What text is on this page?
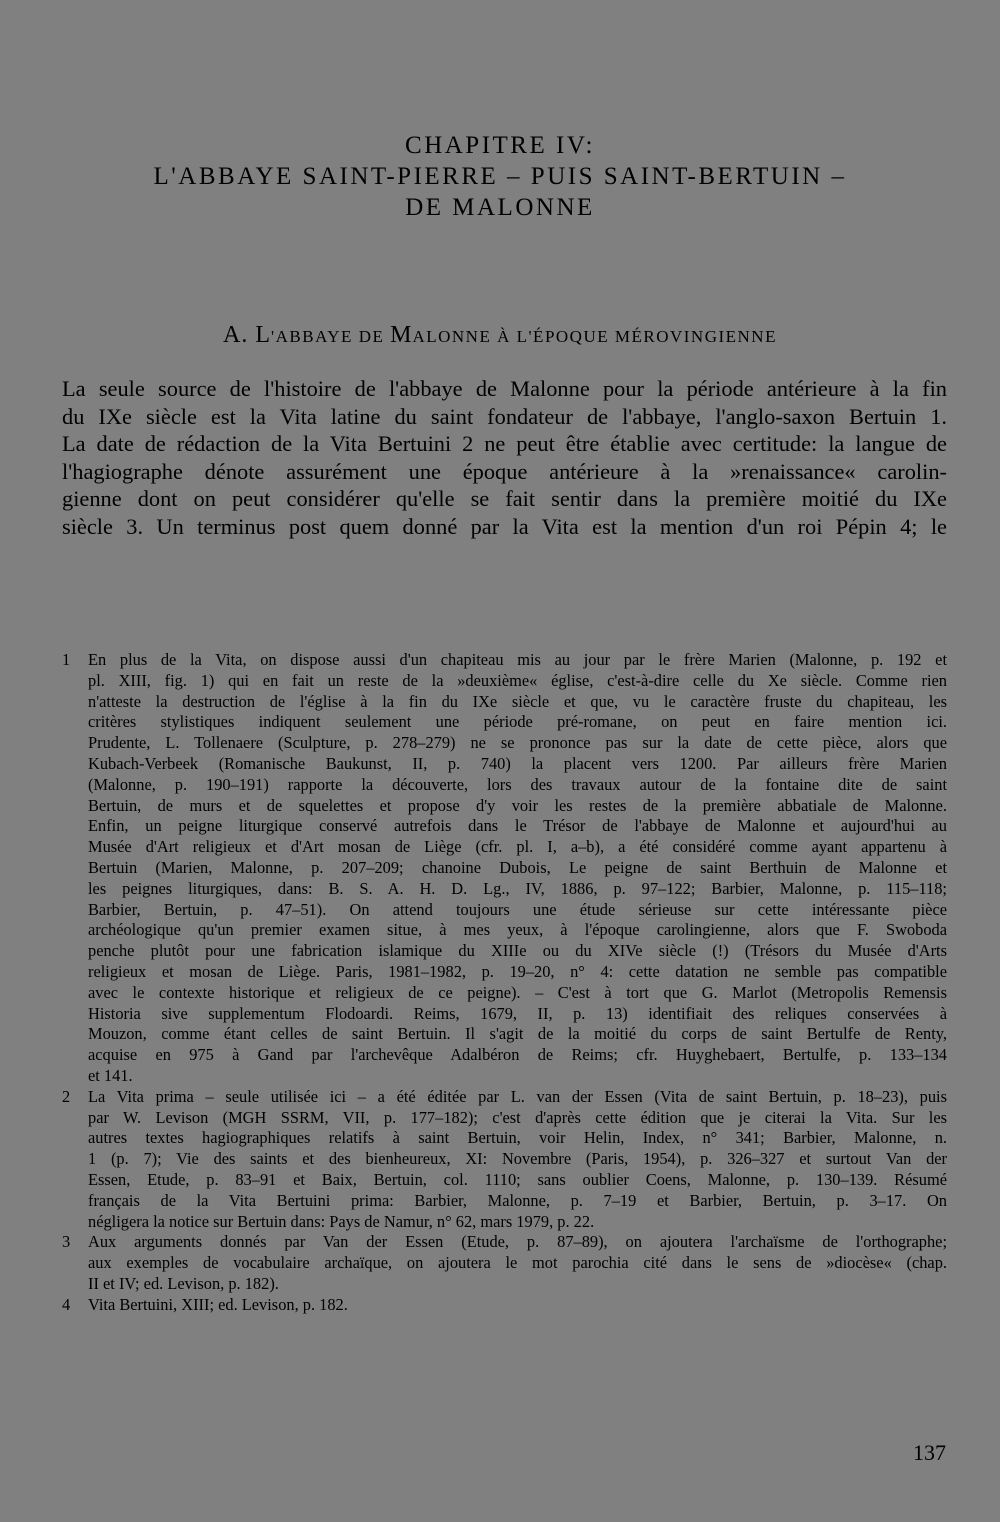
CHAPITRE IV:
L'ABBAYE SAINT-PIERRE – PUIS SAINT-BERTUIN –
DE MALONNE
A. L'ABBAYE DE MALONNE À L'ÉPOQUE MÉROVINGIENNE
La seule source de l'histoire de l'abbaye de Malonne pour la période antérieure à la fin
du IXe siècle est la Vita latine du saint fondateur de l'abbaye, l'anglo-saxon Bertuin 1.
La date de rédaction de la Vita Bertuini 2 ne peut être établie avec certitude: la langue de
l'hagiographe dénote assurément une époque antérieure à la »renaissance« carolin-
gienne dont on peut considérer qu'elle se fait sentir dans la première moitié du IXe
siècle 3. Un terminus post quem donné par la Vita est la mention d'un roi Pépin 4; le
1	En plus de la Vita, on dispose aussi d'un chapiteau mis au jour par le frère Marien (Malonne, p. 192 et
pl. XIII, fig. 1) qui en fait un reste de la »deuxième« église, c'est-à-dire celle du Xe siècle. Comme rien
n'atteste la destruction de l'église à la fin du IXe siècle et que, vu le caractère fruste du chapiteau, les
critères stylistiques indiquent seulement une période pré-romane, on peut en faire mention ici.
Prudente, L. Tollenaere (Sculpture, p. 278–279) ne se prononce pas sur la date de cette pièce, alors que
Kubach-Verbeek (Romanische Baukunst, II, p. 740) la placent vers 1200. Par ailleurs frère Marien
(Malonne, p. 190–191) rapporte la découverte, lors des travaux autour de la fontaine dite de saint
Bertuin, de murs et de squelettes et propose d'y voir les restes de la première abbatiale de Malonne.
Enfin, un peigne liturgique conservé autrefois dans le Trésor de l'abbaye de Malonne et aujourd'hui au
Musée d'Art religieux et d'Art mosan de Liège (cfr. pl. I, a–b), a été considéré comme ayant appartenu à
Bertuin (Marien, Malonne, p. 207–209; chanoine Dubois, Le peigne de saint Berthuin de Malonne et
les peignes liturgiques, dans: B. S. A. H. D. Lg., IV, 1886, p. 97–122; Barbier, Malonne, p. 115–118;
Barbier, Bertuin, p. 47–51). On attend toujours une étude sérieuse sur cette intéressante pièce
archéologique qu'un premier examen situe, à mes yeux, à l'époque carolingienne, alors que F. Swoboda
penche plutôt pour une fabrication islamique du XIIIe ou du XIVe siècle (!) (Trésors du Musée d'Arts
religieux et mosan de Liège. Paris, 1981–1982, p. 19–20, n° 4: cette datation ne semble pas compatible
avec le contexte historique et religieux de ce peigne). – C'est à tort que G. Marlot (Metropolis Remensis
Historia sive supplementum Flodoardi. Reims, 1679, II, p. 13) identifiait des reliques conservées à
Mouzon, comme étant celles de saint Bertuin. Il s'agit de la moitié du corps de saint Bertulfe de Renty,
acquise en 975 à Gand par l'archevêque Adalbéron de Reims; cfr. Huyghebaert, Bertulfe, p. 133–134
et 141.
2	La Vita prima – seule utilisée ici – a été éditée par L. van der Essen (Vita de saint Bertuin, p. 18–23), puis
par W. Levison (MGH SSRM, VII, p. 177–182); c'est d'après cette édition que je citerai la Vita. Sur les
autres textes hagiographiques relatifs à saint Bertuin, voir Helin, Index, n° 341; Barbier, Malonne, n.
1 (p. 7); Vie des saints et des bienheureux, XI: Novembre (Paris, 1954), p. 326–327 et surtout Van der
Essen, Etude, p. 83–91 et Baix, Bertuin, col. 1110; sans oublier Coens, Malonne, p. 130–139. Résumé
français de la Vita Bertuini prima: Barbier, Malonne, p. 7–19 et Barbier, Bertuin, p. 3–17. On
négligera la notice sur Bertuin dans: Pays de Namur, n° 62, mars 1979, p. 22.
3	Aux arguments donnés par Van der Essen (Etude, p. 87–89), on ajoutera l'archaïsme de l'orthographe;
aux exemples de vocabulaire archaïque, on ajoutera le mot parochia cité dans le sens de »diocèse« (chap.
II et IV; ed. Levison, p. 182).
4	Vita Bertuini, XIII; ed. Levison, p. 182.
137
